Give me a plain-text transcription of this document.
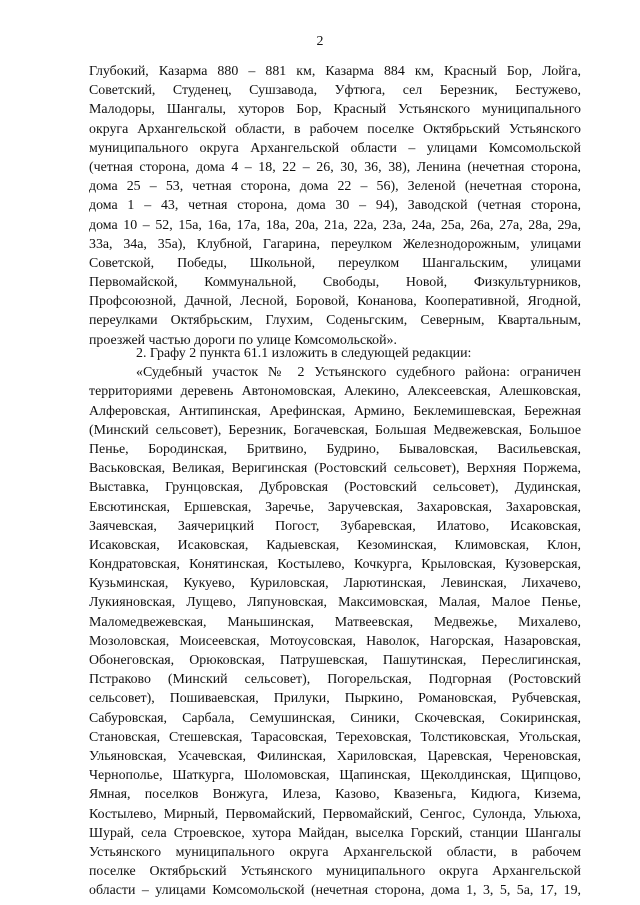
2
Глубокий, Казарма 880 – 881 км, Казарма 884 км, Красный Бор, Лойга,
Советский, Студенец, Сушзавода, Уфтюга, сел Березник, Бестужево,
Малодоры, Шангалы, хуторов Бор, Красный Устьянского муниципального
округа Архангельской области, в рабочем поселке Октябрьский Устьянского
муниципального округа Архангельской области – улицами Комсомольской
(четная сторона, дома 4 – 18, 22 – 26, 30, 36, 38), Ленина (нечетная сторона,
дома 25 – 53, четная сторона, дома 22 – 56), Зеленой (нечетная сторона,
дома 1 – 43, четная сторона, дома 30 – 94), Заводской (четная сторона,
дома 10 – 52, 15а, 16а, 17а, 18а, 20а, 21а, 22а, 23а, 24а, 25а, 26а, 27а, 28а, 29а,
33а, 34а, 35а), Клубной, Гагарина, переулком Железнодорожным, улицами
Советской, Победы, Школьной, переулком Шангальским, улицами
Первомайской, Коммунальной, Свободы, Новой, Физкультурников,
Профсоюзной, Дачной, Лесной, Боровой, Конанова, Кооперативной, Ягодной,
переулками Октябрьским, Глухим, Соденьгским, Северным, Квартальным,
проезжей частью дороги по улице Комсомольской».
2. Графу 2 пункта 61.1 изложить в следующей редакции:
«Судебный участок № 2 Устьянского судебного района: ограничен
территориями деревень Автономовская, Алекино, Алексеевская, Алешковская,
Алферовская, Антипинская, Арефинская, Армино, Беклемишевская, Бережная
(Минский сельсовет), Березник, Богачевская, Большая Медвежевская, Большое
Пенье, Бородинская, Бритвино, Будрино, Бываловская, Васильевская,
Васьковская, Великая, Веригинская (Ростовский сельсовет), Верхняя Поржема,
Выставка, Грунцовская, Дубровская (Ростовский сельсовет), Дудинская,
Евсютинская, Ершевская, Заречье, Заручевская, Захаровская, Захаровская,
Заячевская, Заячерицкий Погост, Зубаревская, Илатово, Исаковская,
Исаковская, Исаковская, Кадыевская, Кезоминская, Климовская, Клон,
Кондратовская, Конятинская, Костылево, Кочкурга, Крыловская, Кузоверская,
Кузьминская, Кукуево, Куриловская, Ларютинская, Левинская, Лихачево,
Лукияновская, Лущево, Ляпуновская, Максимовская, Малая, Малое Пенье,
Маломедвежевская, Маньшинская, Матвеевская, Медвежье, Михалево,
Мозоловская, Моисеевская, Мотоусовская, Наволок, Нагорская, Назаровская,
Обонеговская, Орюковская, Патрушевская, Пашутинская, Переслигинская,
Пстраково (Минский сельсовет), Погорельская, Подгорная (Ростовский
сельсовет), Пошиваевская, Прилуки, Пыркино, Романовская, Рубчевская,
Сабуровская, Сарбала, Семушинская, Синики, Скочевская, Сокиринская,
Становская, Стешевская, Тарасовская, Тереховская, Толстиковская, Угольская,
Ульяновская, Усачевская, Филинская, Хариловская, Царевская, Череновская,
Чернополье, Шаткурга, Шоломовская, Щапинская, Щеколдинская, Щипцово,
Ямная, поселков Вонжуга, Илеза, Казово, Квазеньга, Кидюга, Кизема,
Костылево, Мирный, Первомайский, Первомайский, Сенгос, Сулонда, Ульюха,
Шурай, села Строевское, хутора Майдан, выселка Горский, станции Шангалы
Устьянского муниципального округа Архангельской области, в рабочем
поселке Октябрьский Устьянского муниципального округа Архангельской
области – улицами Комсомольской (нечетная сторона, дома 1, 3, 5, 5а, 17, 19,
